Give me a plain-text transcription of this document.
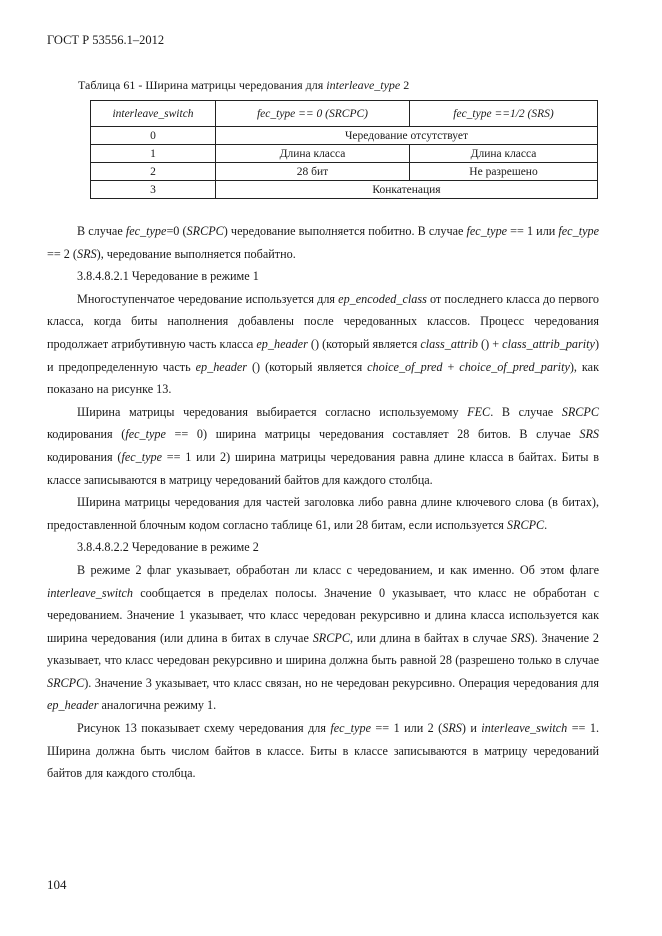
ГОСТ Р 53556.1–2012
Таблица 61 - Ширина матрицы чередования для interleave_type 2
interleave_switch	fec_type == 0 (SRCPC)	fec_type ==1/2 (SRS)
0	Чередование отсутствует	
1	Длина класса	Длина класса
2	28 бит	Не разрешено
3	Конкатенация	

В случае fec_type=0 (SRCPC) чередование выполняется побитно. В случае fec_type == 1 или fec_type == 2 (SRS), чередование выполняется побайтно.

3.8.4.8.2.1 Чередование в режиме 1

Многоступенчатое чередование используется для ep_encoded_class от последнего класса до первого класса, когда биты наполнения добавлены после чередованных классов. Процесс чередования продолжает атрибутивную часть класса ep_header () (который является class_attrib () + class_attrib_parity) и предопределенную часть ep_header () (который является choice_of_pred + choice_of_pred_parity), как показано на рисунке 13.

Ширина матрицы чередования выбирается согласно используемому FEC. В случае SRCPC кодирования (fec_type == 0) ширина матрицы чередования составляет 28 битов. В случае SRS кодирования (fec_type == 1 или 2) ширина матрицы чередования равна длине класса в байтах. Биты в классе записываются в матрицу чередований байтов для каждого столбца.

Ширина матрицы чередования для частей заголовка либо равна длине ключевого слова (в битах), предоставленной блочным кодом согласно таблице 61, или 28 битам, если используется SRCPC.

3.8.4.8.2.2 Чередование в режиме 2

В режиме 2 флаг указывает, обработан ли класс с чередованием, и как именно. Об этом флаге interleave_switch сообщается в пределах полосы. Значение 0 указывает, что класс не обработан с чередованием. Значение 1 указывает, что класс чередован рекурсивно и длина класса используется как ширина чередования (или длина в битах в случае SRCPC, или длина в байтах в случае SRS). Значение 2 указывает, что класс чередован рекурсивно и ширина должна быть равной 28 (разрешено только в случае SRCPC). Значение 3 указывает, что класс связан, но не чередован рекурсивно. Операция чередования для ep_header аналогична режиму 1.

Рисунок 13 показывает схему чередования для fec_type == 1 или 2 (SRS) и interleave_switch == 1. Ширина должна быть числом байтов в классе. Биты в классе записываются в матрицу чередований байтов для каждого столбца.

104
